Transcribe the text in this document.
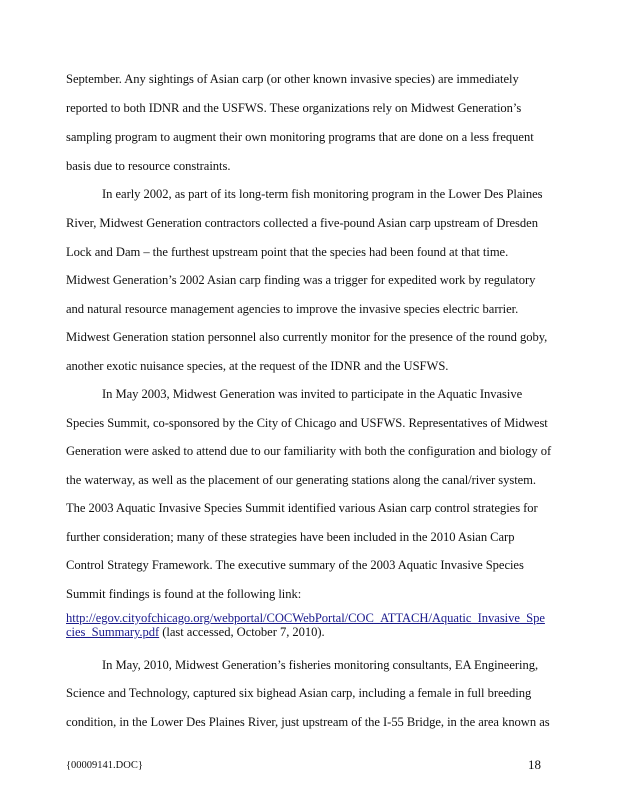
September. Any sightings of Asian carp (or other known invasive species) are immediately
reported to both IDNR and the USFWS. These organizations rely on Midwest Generation’s
sampling program to augment their own monitoring programs that are done on a less frequent
basis due to resource constraints.
In early 2002, as part of its long-term fish monitoring program in the Lower Des Plaines
River, Midwest Generation contractors collected a five-pound Asian carp upstream of Dresden
Lock and Dam – the furthest upstream point that the species had been found at that time.
Midwest Generation’s 2002 Asian carp finding was a trigger for expedited work by regulatory
and natural resource management agencies to improve the invasive species electric barrier.
Midwest Generation station personnel also currently monitor for the presence of the round goby,
another exotic nuisance species, at the request of the IDNR and the USFWS.
In May 2003, Midwest Generation was invited to participate in the Aquatic Invasive
Species Summit, co-sponsored by the City of Chicago and USFWS. Representatives of Midwest
Generation were asked to attend due to our familiarity with both the configuration and biology of
the waterway, as well as the placement of our generating stations along the canal/river system.
The 2003 Aquatic Invasive Species Summit identified various Asian carp control strategies for
further consideration; many of these strategies have been included in the 2010 Asian Carp
Control Strategy Framework. The executive summary of the 2003 Aquatic Invasive Species
Summit findings is found at the following link:
http://egov.cityofchicago.org/webportal/COCWebPortal/COC_ATTACH/Aquatic_Invasive_Spe
cies_Summary.pdf (last accessed, October 7, 2010).
In May, 2010, Midwest Generation’s fisheries monitoring consultants, EA Engineering,
Science and Technology, captured six bighead Asian carp, including a female in full breeding
condition, in the Lower Des Plaines River, just upstream of the I-55 Bridge, in the area known as
{00009141.DOC}	18
